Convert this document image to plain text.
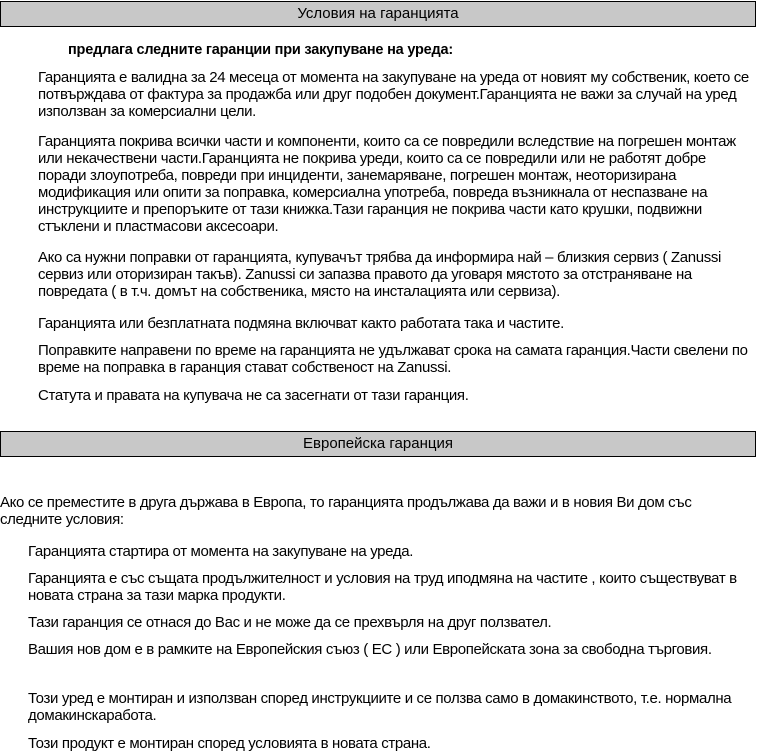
Условия на гаранцията
предлага следните гаранции при закупуване на уреда:

Гаранцията е валидна за 24 месеца от момента на закупуване на уреда от новият му собственик, което се потвърждава от фактура за продажба или друг подобен документ.Гаранцията не важи за случай на уред използван за комерсиални цели.

Гаранцията покрива всички части и компоненти, които са се повредили вследствие на погрешен монтаж или некачествени части.Гаранцията не покрива уреди, които са се повредили или не работят добре поради злоупотреба, повреди при инциденти, занемаряване, погрешен монтаж, неоторизирана модификация или опити за поправка, комерсиална употреба, повреда възникнала от неспазване на инструкциите и препоръките от тази книжка.Тази гаранция не покрива части като крушки, подвижни стъклени и пластмасови аксесоари.

Ако са нужни поправки от гаранцията, купувачът трябва да информира най – близкия сервиз ( Zanussi сервиз или оторизиран такъв). Zanussi си запазва правото да уговаря мястото за отстраняване на повредата ( в т.ч. домът на собственика, място на инсталацията или сервиза).

Гаранцията или безплатната подмяна включват както работата така и частите.

Поправките направени по време на гаранцията не удължават срока на самата гаранция.Части свелени по време на поправка в гаранция стават собственост на Zanussi.

Статута и правата на купувача не са засегнати от тази гаранция.

Европейска гаранция

Ако се преместите в друга държава в Европа, то гаранцията продължава да важи и в новия Ви дом със следните условия:

Гаранцията стартира от момента на закупуване на уреда.

Гаранцията е със същата продължителност и условия на труд иподмяна на частите , които съществуват в новата страна за тази марка продукти.

Тази гаранция се отнася до Вас и не може да се прехвърля на друг ползвател.

Вашия нов дом е в рамките на Европейския съюз ( ЕС ) или Европейската зона за свободна търговия.

Този уред е монтиран и използван според инструкциите и се ползва само в домакинството, т.е. нормална домакинскаработа.

Този продукт е монтиран според условията в новата страна.
